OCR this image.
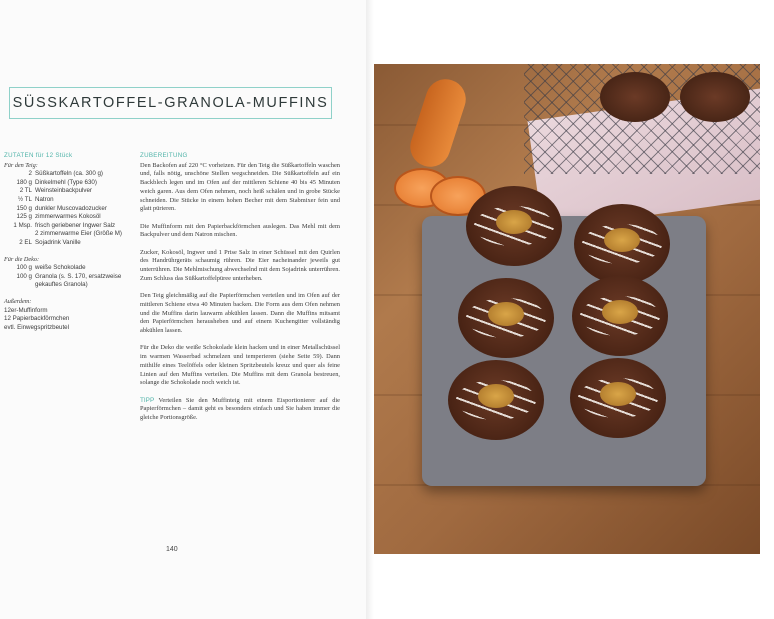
SÜSSKARTOFFEL-GRANOLA-MUFFINS
ZUTATEN für 12 Stück
Für den Teig:
2 Süßkartoffeln (ca. 300 g)
180 g Dinkelmehl (Type 630)
2 TL Weinsteinbackpulver
½ TL Natron
150 g dunkler Muscovadozucker
125 g zimmerwarmes Kokosöl
1 Msp. frisch geriebener Ingwer Salz
2 zimmerwarme Eier (Größe M)
2 EL Sojadrink Vanille
Für die Deko:
100 g weiße Schokolade
100 g Granola (s. S. 170, ersatzweise gekauftes Granola)
Außerdem:
12er-Muffinform
12 Papierbackförmchen
evtl. Einwegspritzbeutel
ZUBEREITUNG

Den Backofen auf 220 °C vorheizen. Für den Teig die Süßkartoffeln waschen und, falls nötig, unschöne Stellen wegschneiden. Die Süßkartoffeln auf ein Backblech legen und im Ofen auf der mittleren Schiene 40 bis 45 Minuten weich garen. Aus dem Ofen nehmen, noch heiß schälen und in grobe Stücke schneiden. Die Stücke in einem hohen Becher mit dem Stabmixer fein und glatt pürieren.

Die Muffinform mit den Papierbackförmchen auslegen. Das Mehl mit dem Backpulver und dem Natron mischen.

Zucker, Kokosöl, Ingwer und 1 Prise Salz in einer Schüssel mit den Quirlen des Handrührgeräts schaumig rühren. Die Eier nacheinander jeweils gut unterrühren. Die Mehlmischung abwechselnd mit dem Sojadrink unterrühren. Zum Schluss das Süßkartoffelpüree unterheben.

Den Teig gleichmäßig auf die Papierförmchen verteilen und im Ofen auf der mittleren Schiene etwa 40 Minuten backen. Die Form aus dem Ofen nehmen und die Muffins darin lauwarm abkühlen lassen. Dann die Muffins mitsamt den Papierförmchen herausheben und auf einem Kuchengitter vollständig abkühlen lassen.

Für die Deko die weiße Schokolade klein hacken und in einer Metallschüssel im warmen Wasserbad schmelzen und temperieren (siehe Seite 59). Dann mithilfe eines Teelöffels oder kleinen Spritzbeutels kreuz und quer als feine Linien auf den Muffins verteilen. Die Muffins mit dem Granola bestreuen, solange die Schokolade noch weich ist.

TIPP Verteilen Sie den Muffinteig mit einem Eisportionierer auf die Papierförmchen – damit geht es besonders einfach und Sie haben immer die gleiche Portionsgröße.

140
